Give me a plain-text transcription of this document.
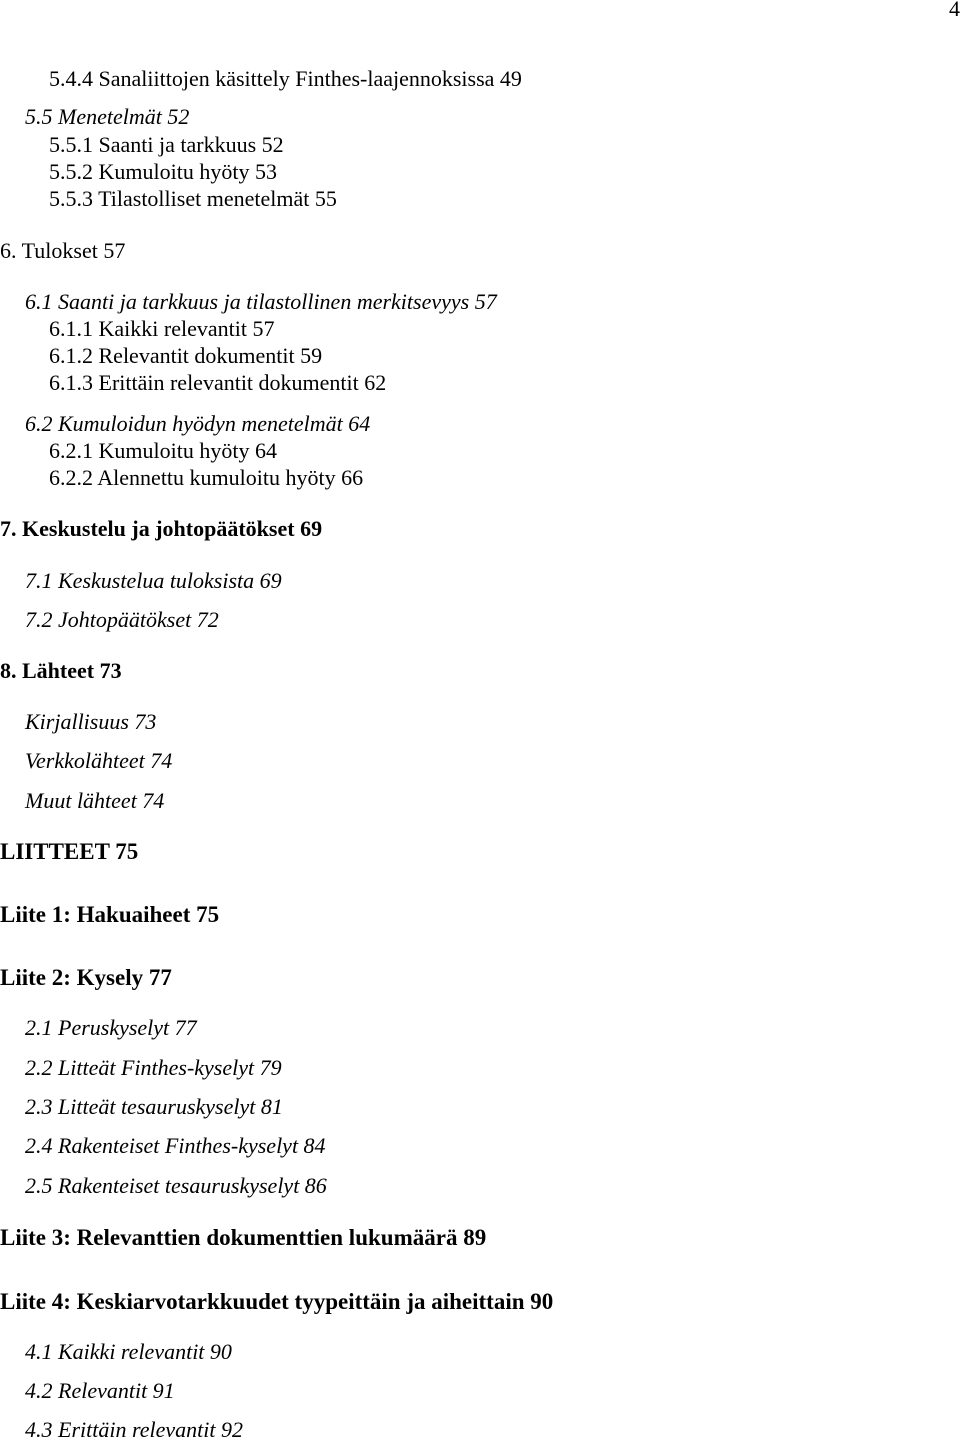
4
5.4.4 Sanaliittojen käsittely Finthes-laajennoksissa 49
5.5 Menetelmät 52
5.5.1 Saanti ja tarkkuus 52
5.5.2 Kumuloitu hyöty 53
5.5.3 Tilastolliset menetelmät 55
6. Tulokset 57
6.1 Saanti ja tarkkuus ja tilastollinen merkitsevyys 57
6.1.1 Kaikki relevantit 57
6.1.2 Relevantit dokumentit 59
6.1.3 Erittäin relevantit dokumentit 62
6.2 Kumuloidun hyödyn menetelmät 64
6.2.1 Kumuloitu hyöty 64
6.2.2 Alennettu kumuloitu hyöty 66
7. Keskustelu ja johtopäätökset 69
7.1 Keskustelua tuloksista 69
7.2 Johtopäätökset 72
8. Lähteet 73
Kirjallisuus 73
Verkkolähteet 74
Muut lähteet 74
LIITTEET 75
Liite 1: Hakuaiheet 75
Liite 2: Kysely 77
2.1 Peruskyselyt 77
2.2 Litteät Finthes-kyselyt 79
2.3 Litteät tesauruskyselyt 81
2.4 Rakenteiset Finthes-kyselyt 84
2.5 Rakenteiset tesauruskyselyt 86
Liite 3: Relevanttien dokumenttien lukumäärä 89
Liite 4: Keskiarvotarkkuudet tyypeittäin ja aiheittain 90
4.1 Kaikki relevantit 90
4.2 Relevantit 91
4.3 Erittäin relevantit 92
